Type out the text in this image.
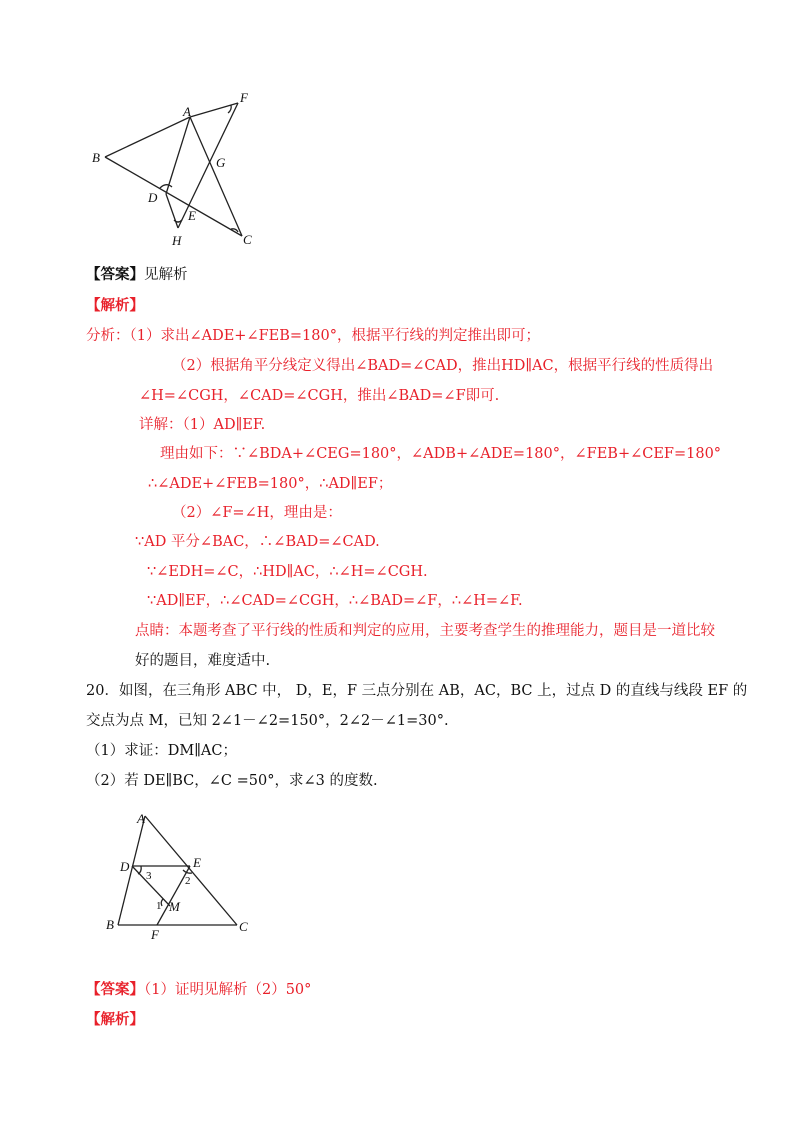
A
B
C
D
E
F
G
H
【答案】见解析
【解析】
分析：（1）求出∠ADE+∠FEB=180°，根据平行线的判定推出即可；
（2）根据角平分线定义得出∠BAD=∠CAD，推出HD∥AC，根据平行线的性质得出
∠H=∠CGH，∠CAD=∠CGH，推出∠BAD=∠F即可.
详解：（1）AD∥EF.
理由如下：∵∠BDA+∠CEG=180°，∠ADB+∠ADE=180°，∠FEB+∠CEF=180°
∴∠ADE+∠FEB=180°，∴AD∥EF；
（2）∠F=∠H，理由是：
∵AD 平分∠BAC，∴∠BAD=∠CAD.
∵∠EDH=∠C，∴HD∥AC，∴∠H=∠CGH.
∵AD∥EF，∴∠CAD=∠CGH，∴∠BAD=∠F，∴∠H=∠F.
点睛：本题考查了平行线的性质和判定的应用，主要考查学生的推理能力，题目是一道比较
好的题目，难度适中.
20．如图，在三角形 ABC 中， D，E，F 三点分别在 AB，AC，BC 上，过点 D 的直线与线段 EF 的
交点为点 M，已知 2∠1－∠2=150°，2∠2－∠1=30°.
（1）求证：DM∥AC；
（2）若 DE∥BC，∠C =50°，求∠3 的度数.
A
B	C
D	E
F
M
1
2
3
【答案】（1）证明见解析（2）50°
【解析】
